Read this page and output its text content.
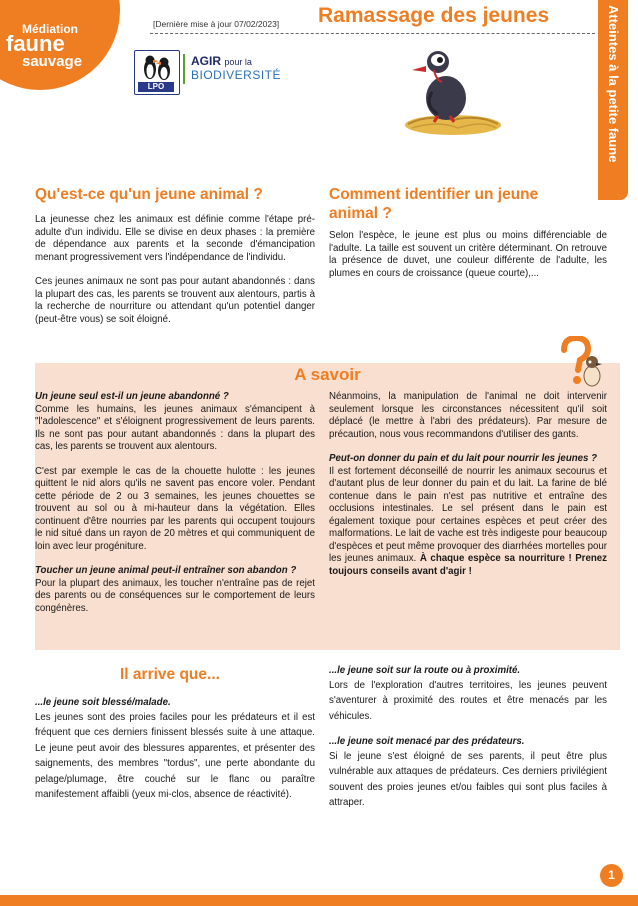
Médiation
faune
sauvage
[Dernière mise à jour 07/02/2023] Ramassage des jeunes	Atteintes à la petite faune
LPO
AGIR pour la
BIODIVERSITÉ
Qu'est-ce qu'un jeune animal ?

La jeunesse chez les animaux est définie comme l'étape pré-adulte d'un individu. Elle se divise en deux phases : la première de dépendance aux parents et la seconde d'émancipation menant progressivement vers l'indépendance de l'individu.

Ces jeunes animaux ne sont pas pour autant abandonnés : dans la plupart des cas, les parents se trouvent aux alentours, partis à la recherche de nourriture ou attendant qu'un potentiel danger (peut-être vous) se soit éloigné.

Comment identifier un jeune animal ?

Selon l'espèce, le jeune est plus ou moins différenciable de l'adulte. La taille est souvent un critère déterminant. On retrouve la présence de duvet, une couleur différente de l'adulte, les plumes en cours de croissance (queue courte),...

A savoir
Un jeune seul est-il un jeune abandonné ?

Comme les humains, les jeunes animaux s'émancipent à "l'adolescence" et s'éloignent progressivement de leurs parents. Ils ne sont pas pour autant abandonnés : dans la plupart des cas, les parents se trouvent aux alentours.

C'est par exemple le cas de la chouette hulotte : les jeunes quittent le nid alors qu'ils ne savent pas encore voler. Pendant cette période de 2 ou 3 semaines, les jeunes chouettes se trouvent au sol ou à mi-hauteur dans la végétation. Elles continuent d'être nourries par les parents qui occupent toujours le nid situé dans un rayon de 20 mètres et qui communiquent de loin avec leur progéniture.

Toucher un jeune animal peut-il entraîner son abandon ?

Pour la plupart des animaux, les toucher n'entraîne pas de rejet des parents ou de conséquences sur le comportement de leurs congénères.

Néanmoins, la manipulation de l'animal ne doit intervenir seulement lorsque les circonstances nécessitent qu'il soit déplacé (le mettre à l'abri des prédateurs). Par mesure de précaution, nous vous recommandons d'utiliser des gants.

Peut-on donner du pain et du lait pour nourrir les jeunes ?

Il est fortement déconseillé de nourrir les animaux secourus et d'autant plus de leur donner du pain et du lait. La farine de blé contenue dans le pain n'est pas nutritive et entraîne des occlusions intestinales. Le sel présent dans le pain est également toxique pour certaines espèces et peut créer des malformations. Le lait de vache est très indigeste pour beaucoup d'espèces et peut même provoquer des diarrhées mortelles pour les jeunes animaux. À chaque espèce sa nourriture ! Prenez toujours conseils avant d'agir !

Il arrive que...
...le jeune soit blessé/malade.

Les jeunes sont des proies faciles pour les prédateurs et il est fréquent que ces derniers finissent blessés suite à une attaque. Le jeune peut avoir des blessures apparentes, et présenter des saignements, des membres "tordus", une perte abondante du pelage/plumage, être couché sur le flanc ou paraître manifestement affaibli (yeux mi-clos, absence de réactivité).

...le jeune soit sur la route ou à proximité.

Lors de l'exploration d'autres territoires, les jeunes peuvent s'aventurer à proximité des routes et être menacés par les véhicules.

...le jeune soit menacé par des prédateurs.

Si le jeune s'est éloigné de ses parents, il peut être plus vulnérable aux attaques de prédateurs. Ces derniers privilégient souvent des proies jeunes et/ou faibles qui sont plus faciles à attraper.

1
